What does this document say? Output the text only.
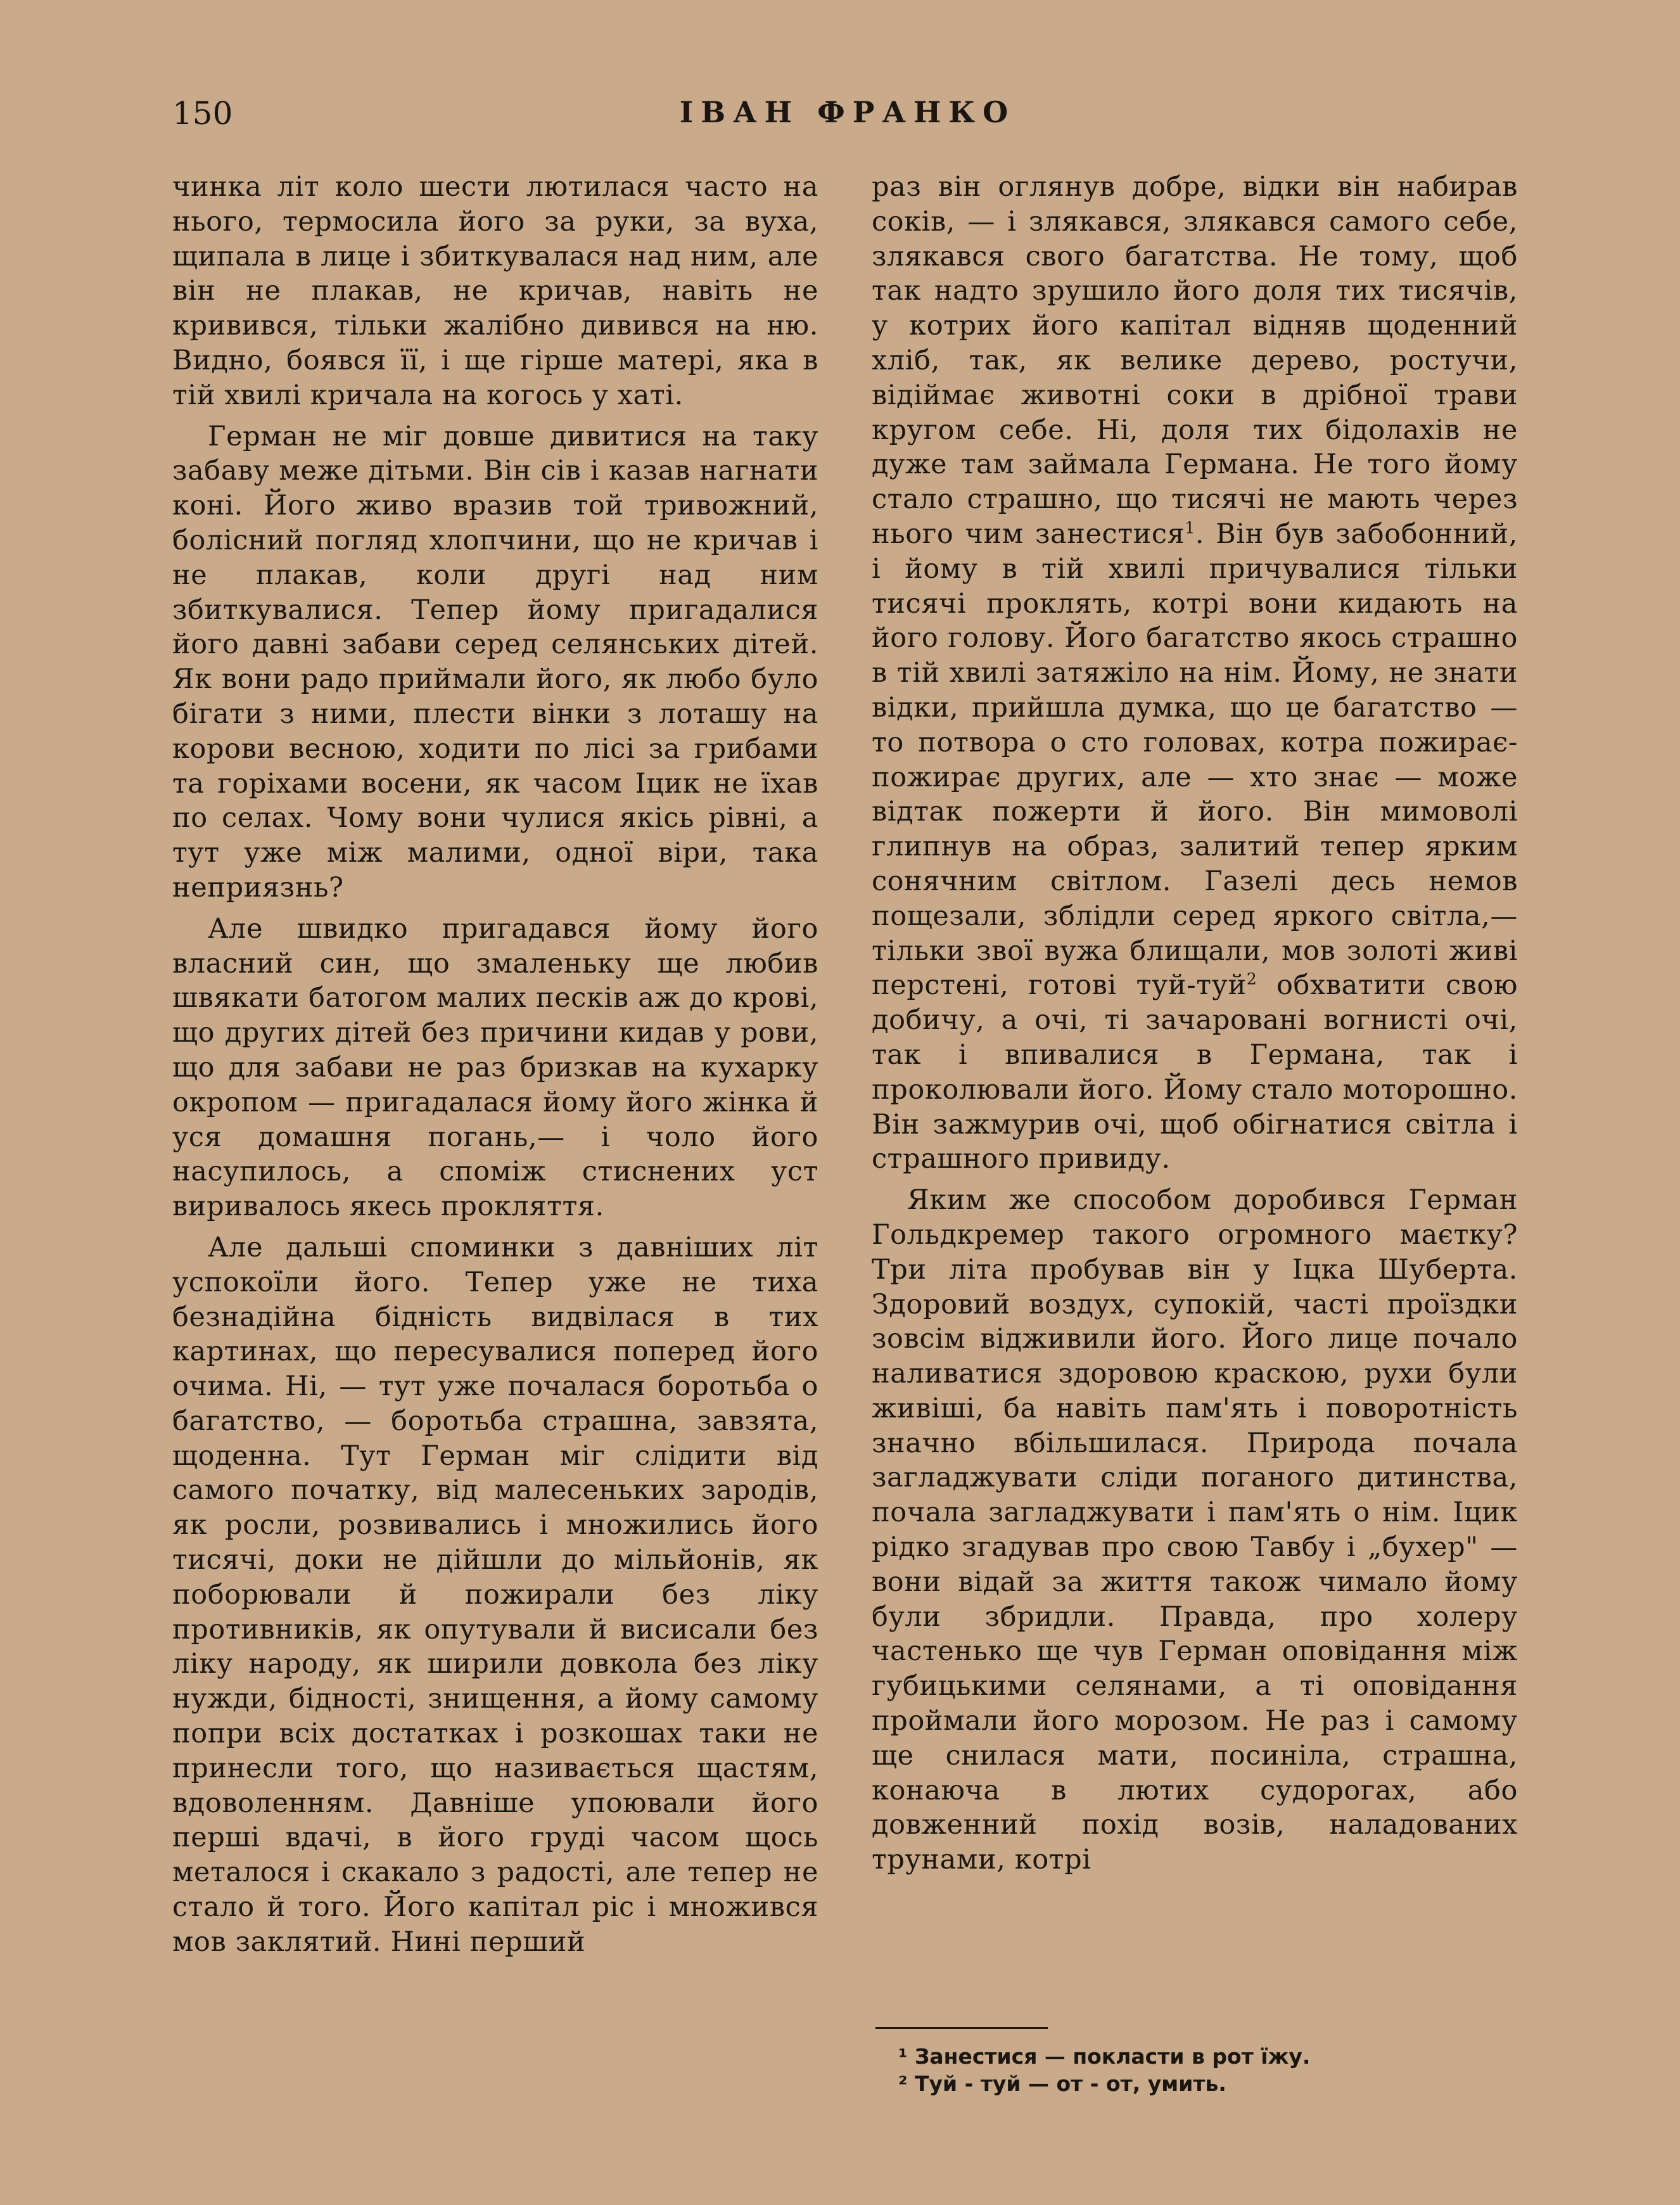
150	ІВАН ФРАНКО

чинка літ коло шести лютилася часто на нього, термосила його за руки, за вуха, щипала в лице і збиткувалася над ним, але він не плакав, не кричав, навіть не кривився, тільки жалібно дивився на ню. Видно, боявся її, і ще гірше матері, яка в тій хвилі кричала на когось у хаті.

Герман не міг довше дивитися на таку забаву меже дітьми. Він сів і казав нагнати коні. Його живо вразив той тривожний, болісний погляд хлопчини, що не кричав і не плакав, коли другі над ним збиткувалися. Тепер йому пригадалися його давні забави серед селянських дітей. Як вони радо приймали його, як любо було бігати з ними, плести вінки з лоташу на корови весною, ходити по лісі за грибами та горіхами восени, як часом Іцик не їхав по селах. Чому вони чулися якісь рівні, а тут уже між малими, одної віри, така неприязнь?

Але швидко пригадався йому його власний син, що змаленьку ще любив швякати батогом малих песків аж до крові, що других дітей без причини кидав у рови, що для забави не раз бризкав на кухарку окропом — пригадалася йому його жінка й уся домашня погань,— і чоло його насупилось, а споміж стиснених уст виривалось якесь прокляття.

Але дальші споминки з давніших літ успокоїли його. Тепер уже не тиха безнадійна бідність видвілася в тих картинах, що пересувалися поперед його очима. Ні, — тут уже почалася боротьба о багатство, — боротьба страшна, завзята, щоденна. Тут Герман міг слідити від самого початку, від малесеньких зародів, як росли, розвивались і множились його тисячі, доки не дійшли до мільйонів, як поборювали й пожирали без ліку противників, як опутували й висисали без ліку народу, як ширили довкола без ліку нужди, бідності, знищення, а йому самому попри всіх достатках і розкошах таки не принесли того, що називається щастям, вдоволенням. Давніше упоювали його перші вдачі, в його груді часом щось металося і скакало з радості, але тепер не стало й того. Його капітал ріс і множився мов заклятий. Нині перший

раз він оглянув добре, відки він набирав соків, — і злякався, злякався самого себе, злякався свого багатства. Не тому, щоб так надто зрушило його доля тих тисячів, у котрих його капітал відняв щоденний хліб, так, як велике дерево, ростучи, відіймає животні соки в дрібної трави кругом себе. Ні, доля тих бідолахів не дуже там займала Германа. Не того йому стало страшно, що тисячі не мають через нього чим занестися$^1$. Він був забобонний, і йому в тій хвилі причувалися тільки тисячі проклять, котрі вони кидають на його голову. Його багатство якось страшно в тій хвилі затяжіло на нім. Йому, не знати відки, прийшла думка, що це багатство — то потвора о сто головах, котра пожирає-пожирає других, але — хто знає — може відтак пожерти й його. Він мимоволі глипнув на образ, залитий тепер ярким сонячним світлом. Газелі десь немов пощезали, зблідли серед яркого світла,— тільки звої вужа блищали, мов золоті живі перстені, готові туй-туй$^2$ обхватити свою добичу, а очі, ті зачаровані вогнисті очі, так і впивалися в Германа, так і проколювали його. Йому стало моторошно. Він зажмурив очі, щоб обігнатися світла і страшного привиду.

Яким же способом доробився Герман Гольдкремер такого огромного маєтку? Три літа пробував він у Іцка Шуберта. Здоровий воздух, супокій, часті проїздки зовсім відживили його. Його лице почало наливатися здоровою краскою, рухи були живіші, ба навіть пам'ять і поворотність значно вбільшилася. Природа почала загладжувати сліди поганого дитинства, почала загладжувати і пам'ять о нім. Іцик рідко згадував про свою Тавбу і „бухер" — вони відай за життя також чимало йому були збридли. Правда, про холеру частенько ще чув Герман оповідання між губицькими селянами, а ті оповідання проймали його морозом. Не раз і самому ще снилася мати, посиніла, страшна, конаюча в лютих судорогах, або довженний похід возів, наладованих трунами, котрі

¹ Занестися — покласти в рот їжу.

² Туй - туй — от - от, умить.
